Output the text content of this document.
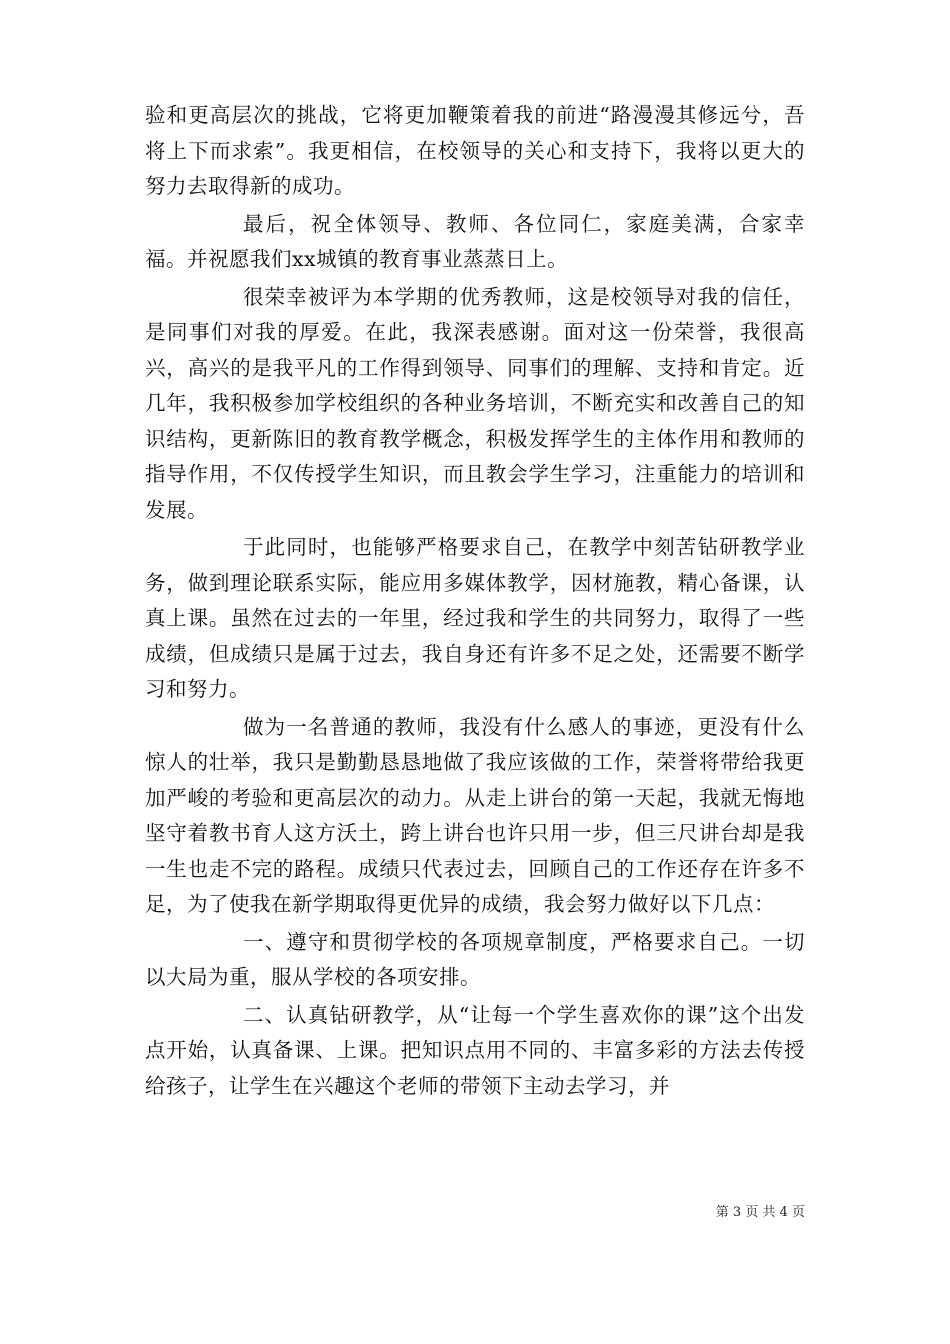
验和更高层次的挑战，它将更加鞭策着我的前进“路漫漫其修远兮，吾将上下而求索”。我更相信，在校领导的关心和支持下，我将以更大的努力去取得新的成功。

最后，祝全体领导、教师、各位同仁，家庭美满，合家幸福。并祝愿我们xx城镇的教育事业蒸蒸日上。

很荣幸被评为本学期的优秀教师，这是校领导对我的信任，是同事们对我的厚爱。在此，我深表感谢。面对这一份荣誉，我很高兴，高兴的是我平凡的工作得到领导、同事们的理解、支持和肯定。近几年，我积极参加学校组织的各种业务培训，不断充实和改善自己的知识结构，更新陈旧的教育教学概念，积极发挥学生的主体作用和教师的指导作用，不仅传授学生知识，而且教会学生学习，注重能力的培训和发展。

于此同时，也能够严格要求自己，在教学中刻苦钻研教学业务，做到理论联系实际，能应用多媒体教学，因材施教，精心备课，认真上课。虽然在过去的一年里，经过我和学生的共同努力，取得了一些成绩，但成绩只是属于过去，我自身还有许多不足之处，还需要不断学习和努力。

做为一名普通的教师，我没有什么感人的事迹，更没有什么惊人的壮举，我只是勤勤恳恳地做了我应该做的工作，荣誉将带给我更加严峻的考验和更高层次的动力。从走上讲台的第一天起，我就无悔地坚守着教书育人这方沃土，跨上讲台也许只用一步，但三尺讲台却是我一生也走不完的路程。成绩只代表过去，回顾自己的工作还存在许多不足，为了使我在新学期取得更优异的成绩，我会努力做好以下几点：

一、遵守和贯彻学校的各项规章制度，严格要求自己。一切以大局为重，服从学校的各项安排。

二、认真钻研教学，从“让每一个学生喜欢你的课”这个出发点开始，认真备课、上课。把知识点用不同的、丰富多彩的方法去传授给孩子，让学生在兴趣这个老师的带领下主动去学习，并

第 3 页 共 4 页
